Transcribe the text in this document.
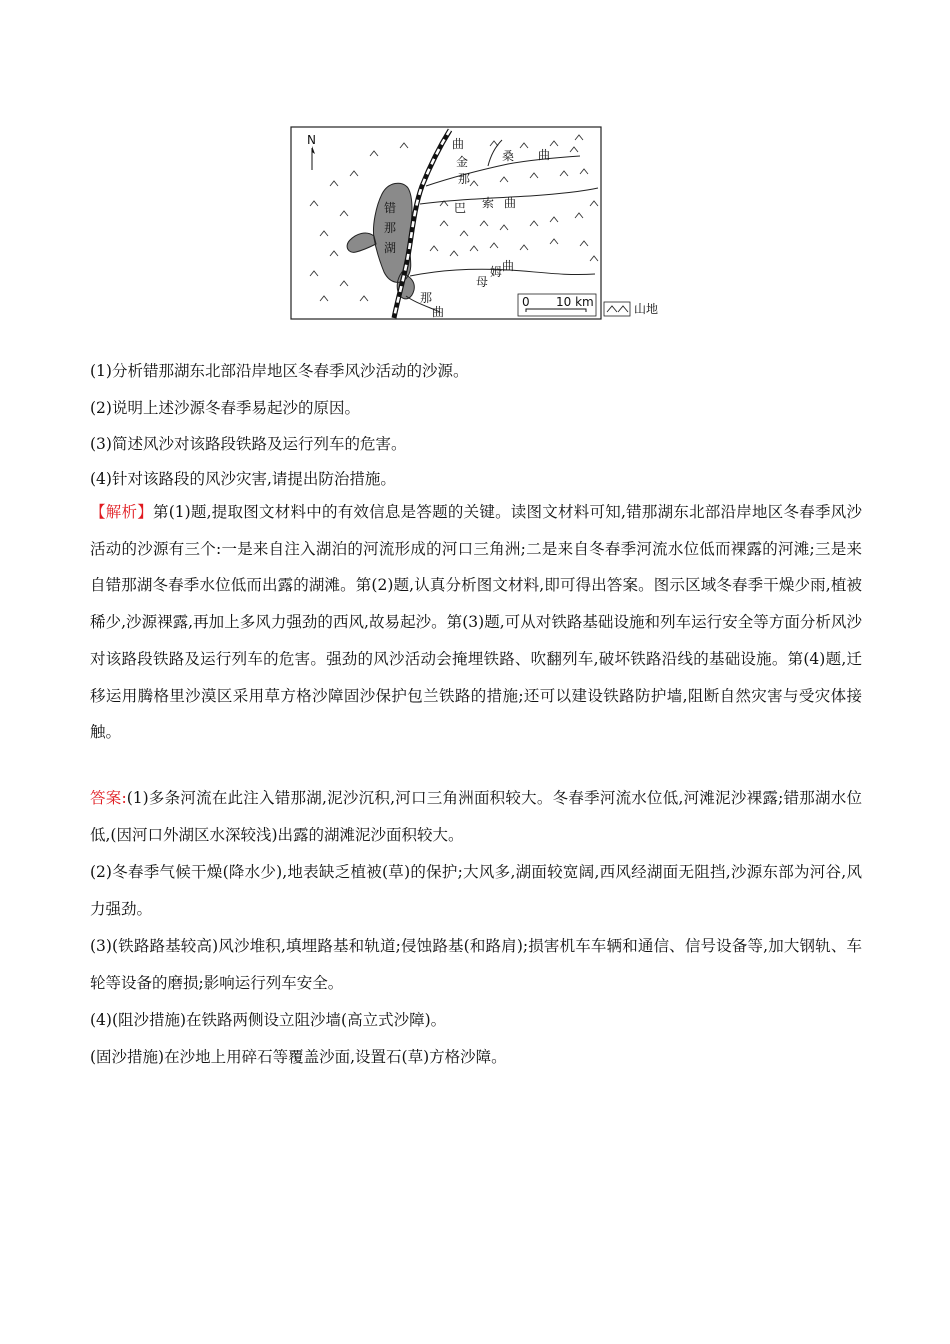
N
错
那
湖
曲
金
那
桑 曲
巴 索 曲
母
姆 曲
那
曲
0 10 km	山地
(1)分析错那湖东北部沿岸地区冬春季风沙活动的沙源。
(2)说明上述沙源冬春季易起沙的原因。
(3)简述风沙对该路段铁路及运行列车的危害。
(4)针对该路段的风沙灾害,请提出防治措施。
【解析】第(1)题,提取图文材料中的有效信息是答题的关键。读图文材料可知,错那湖东北部沿岸地区冬春季风沙活动的沙源有三个:一是来自注入湖泊的河流形成的河口三角洲;二是来自冬春季河流水位低而裸露的河滩;三是来自错那湖冬春季水位低而出露的湖滩。第(2)题,认真分析图文材料,即可得出答案。图示区域冬春季干燥少雨,植被稀少,沙源裸露,再加上多风力强劲的西风,故易起沙。第(3)题,可从对铁路基础设施和列车运行安全等方面分析风沙对该路段铁路及运行列车的危害。强劲的风沙活动会掩埋铁路、吹翻列车,破坏铁路沿线的基础设施。第(4)题,迁移运用腾格里沙漠区采用草方格沙障固沙保护包兰铁路的措施;还可以建设铁路防护墙,阻断自然灾害与受灾体接触。
答案:(1)多条河流在此注入错那湖,泥沙沉积,河口三角洲面积较大。冬春季河流水位低,河滩泥沙裸露;错那湖水位低,(因河口外湖区水深较浅)出露的湖滩泥沙面积较大。
(2)冬春季气候干燥(降水少),地表缺乏植被(草)的保护;大风多,湖面较宽阔,西风经湖面无阻挡,沙源东部为河谷,风力强劲。
(3)(铁路路基较高)风沙堆积,填埋路基和轨道;侵蚀路基(和路肩);损害机车车辆和通信、信号设备等,加大钢轨、车轮等设备的磨损;影响运行列车安全。
(4)(阻沙措施)在铁路两侧设立阻沙墙(高立式沙障)。
(固沙措施)在沙地上用碎石等覆盖沙面,设置石(草)方格沙障。
